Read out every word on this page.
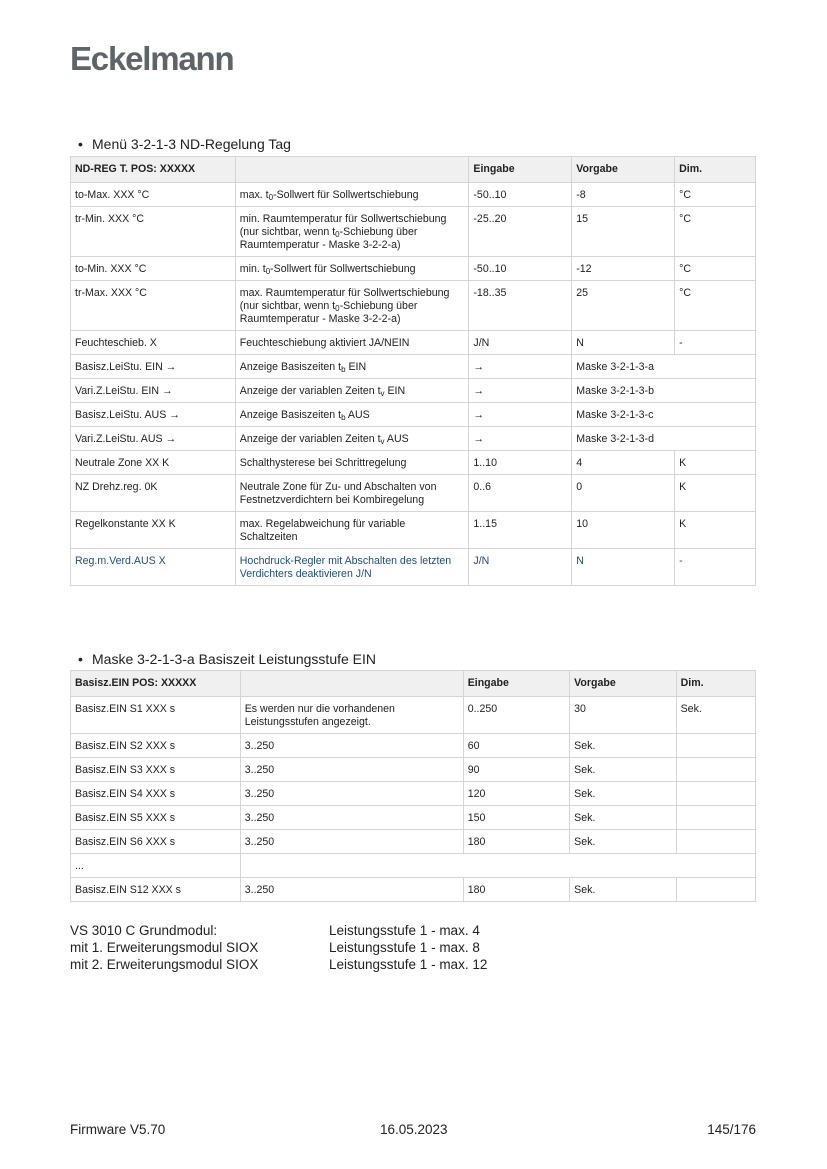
Eckelmann
• Menü 3-2-1-3 ND-Regelung Tag
ND-REG T. POS: XXXXX		Eingabe	Vorgabe	Dim.
to-Max. XXX °C	max. $t_0$-Sollwert für Sollwertschiebung	-50..10	-8	°C
tr-Min. XXX °C	min. Raumtemperatur für Sollwertschiebung (nur sichtbar, wenn $t_0$-Schiebung über Raumtemperatur - Maske 3-2-2-a)	-25..20	15	°C
to-Min. XXX °C	min. $t_0$-Sollwert für Sollwertschiebung	-50..10	-12	°C
tr-Max. XXX °C	max. Raumtemperatur für Sollwertschiebung (nur sichtbar, wenn $t_0$-Schiebung über Raumtemperatur - Maske 3-2-2-a)	-18..35	25	°C
Feuchteschieb. X	Feuchteschiebung aktiviert JA/NEIN	J/N	N	-
Basisz.LeiStu. EIN →	Anzeige Basiszeiten $t_b$ EIN	→	Maske 3-2-1-3-a	
Vari.Z.LeiStu. EIN →	Anzeige der variablen Zeiten $t_v$ EIN	→	Maske 3-2-1-3-b	
Basisz.LeiStu. AUS →	Anzeige Basiszeiten $t_b$ AUS	→	Maske 3-2-1-3-c	
Vari.Z.LeiStu. AUS →	Anzeige der variablen Zeiten $t_v$ AUS	→	Maske 3-2-1-3-d	
Neutrale Zone XX K	Schalthysterese bei Schrittregelung	1..10	4	K
NZ Drehz.reg. 0K	Neutrale Zone für Zu- und Abschalten von Festnetzverdichtern bei Kombiregelung	0..6	0	K
Regelkonstante XX K	max. Regelabweichung für variable Schaltzeiten	1..15	10	K
Reg.m.Verd.AUS X	Hochdruck-Regler mit Abschalten des letzten Verdichters deaktivieren J/N	J/N	N	-
• Maske 3-2-1-3-a Basiszeit Leistungsstufe EIN
Basisz.EIN POS: XXXXX		Eingabe	Vorgabe	Dim.
Basisz.EIN S1 XXX s	Es werden nur die vorhandenen Leistungsstufen angezeigt.	0..250	30	Sek.
Basisz.EIN S2 XXX s	3..250	60	Sek.	
Basisz.EIN S3 XXX s	3..250	90	Sek.	
Basisz.EIN S4 XXX s	3..250	120	Sek.	
Basisz.EIN S5 XXX s	3..250	150	Sek.	
Basisz.EIN S6 XXX s	3..250	180	Sek.	
...				
Basisz.EIN S12 XXX s	3..250	180	Sek.	
VS 3010 C Grundmodul:	Leistungsstufe 1 - max. 4
mit 1. Erweiterungsmodul SIOX	Leistungsstufe 1 - max. 8
mit 2. Erweiterungsmodul SIOX	Leistungsstufe 1 - max. 12
Firmware V5.70	16.05.2023	145/176
